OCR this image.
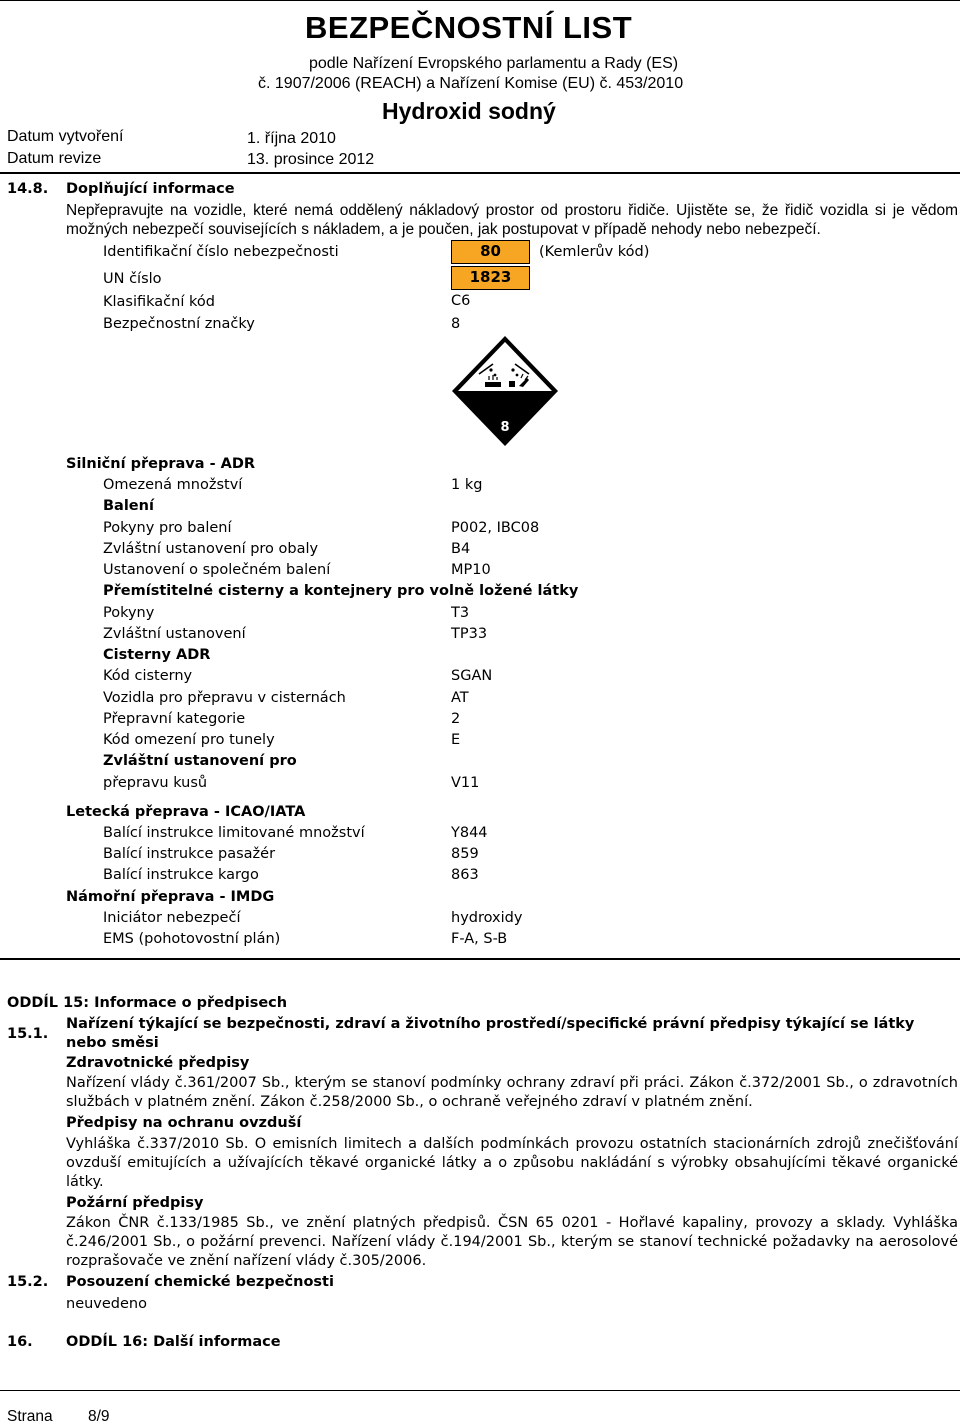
BEZPEČNOSTNÍ LIST
podle Nařízení Evropského parlamentu a Rady (ES)
č. 1907/2006 (REACH) a Nařízení Komise (EU) č. 453/2010
Hydroxid sodný
Datum vytvoření	1. října 2010
Datum revize	13. prosince 2012
14.8. Doplňující informace
Nepřepravujte na vozidle, které nemá oddělený nákladový prostor od prostoru řidiče. Ujistěte se, že řidič vozidla si je vědom možných nebezpečí souvisejících s nákladem, a je poučen, jak postupovat v případě nehody nebo nebezpečí.
Identifikační číslo nebezpečnosti	80	(Kemlerův kód)
UN číslo	1823
Klasifikační kód	C6
Bezpečnostní značky	8
8
Silniční přeprava - ADR
Omezená množství	1 kg
Balení
Pokyny pro balení	P002, IBC08
Zvláštní ustanovení pro obaly	B4
Ustanovení o společném balení	MP10
Přemístitelné cisterny a kontejnery pro volně ložené látky
Pokyny	T3
Zvláštní ustanovení	TP33
Cisterny ADR
Kód cisterny	SGAN
Vozidla pro přepravu v cisternách	AT
Přepravní kategorie	2
Kód omezení pro tunely	E
Zvláštní ustanovení pro
přepravu kusů	V11
Letecká přeprava - ICAO/IATA
Balící instrukce limitované množství	Y844
Balící instrukce pasažér	859
Balící instrukce kargo	863
Námořní přeprava - IMDG
Iniciátor nebezpečí	hydroxidy
EMS (pohotovostní plán)	F-A, S-B
ODDÍL 15: Informace o předpisech
15.1.
Nařízení týkající se bezpečnosti, zdraví a životního prostředí/specifické právní předpisy týkající se látky nebo směsi
Zdravotnické předpisy
Nařízení vlády č.361/2007 Sb., kterým se stanoví podmínky ochrany zdraví při práci. Zákon č.372/2001 Sb., o zdravotních službách v platném znění. Zákon č.258/2000 Sb., o ochraně veřejného zdraví v platném znění.
Předpisy na ochranu ovzduší
Vyhláška č.337/2010 Sb. O emisních limitech a dalších podmínkách provozu ostatních stacionárních zdrojů znečišťování ovzduší emitujících a užívajících těkavé organické látky a o způsobu nakládání s výrobky obsahujícími těkavé organické látky.
Požární předpisy
Zákon ČNR č.133/1985 Sb., ve znění platných předpisů. ČSN 65 0201 - Hořlavé kapaliny, provozy a sklady. Vyhláška č.246/2001 Sb., o požární prevenci. Nařízení vlády č.194/2001 Sb., kterým se stanoví technické požadavky na aerosolové rozprašovače ve znění nařízení vlády č.305/2006.
15.2. Posouzení chemické bezpečnosti
neuvedeno
16. ODDÍL 16: Další informace
Strana 8/9
